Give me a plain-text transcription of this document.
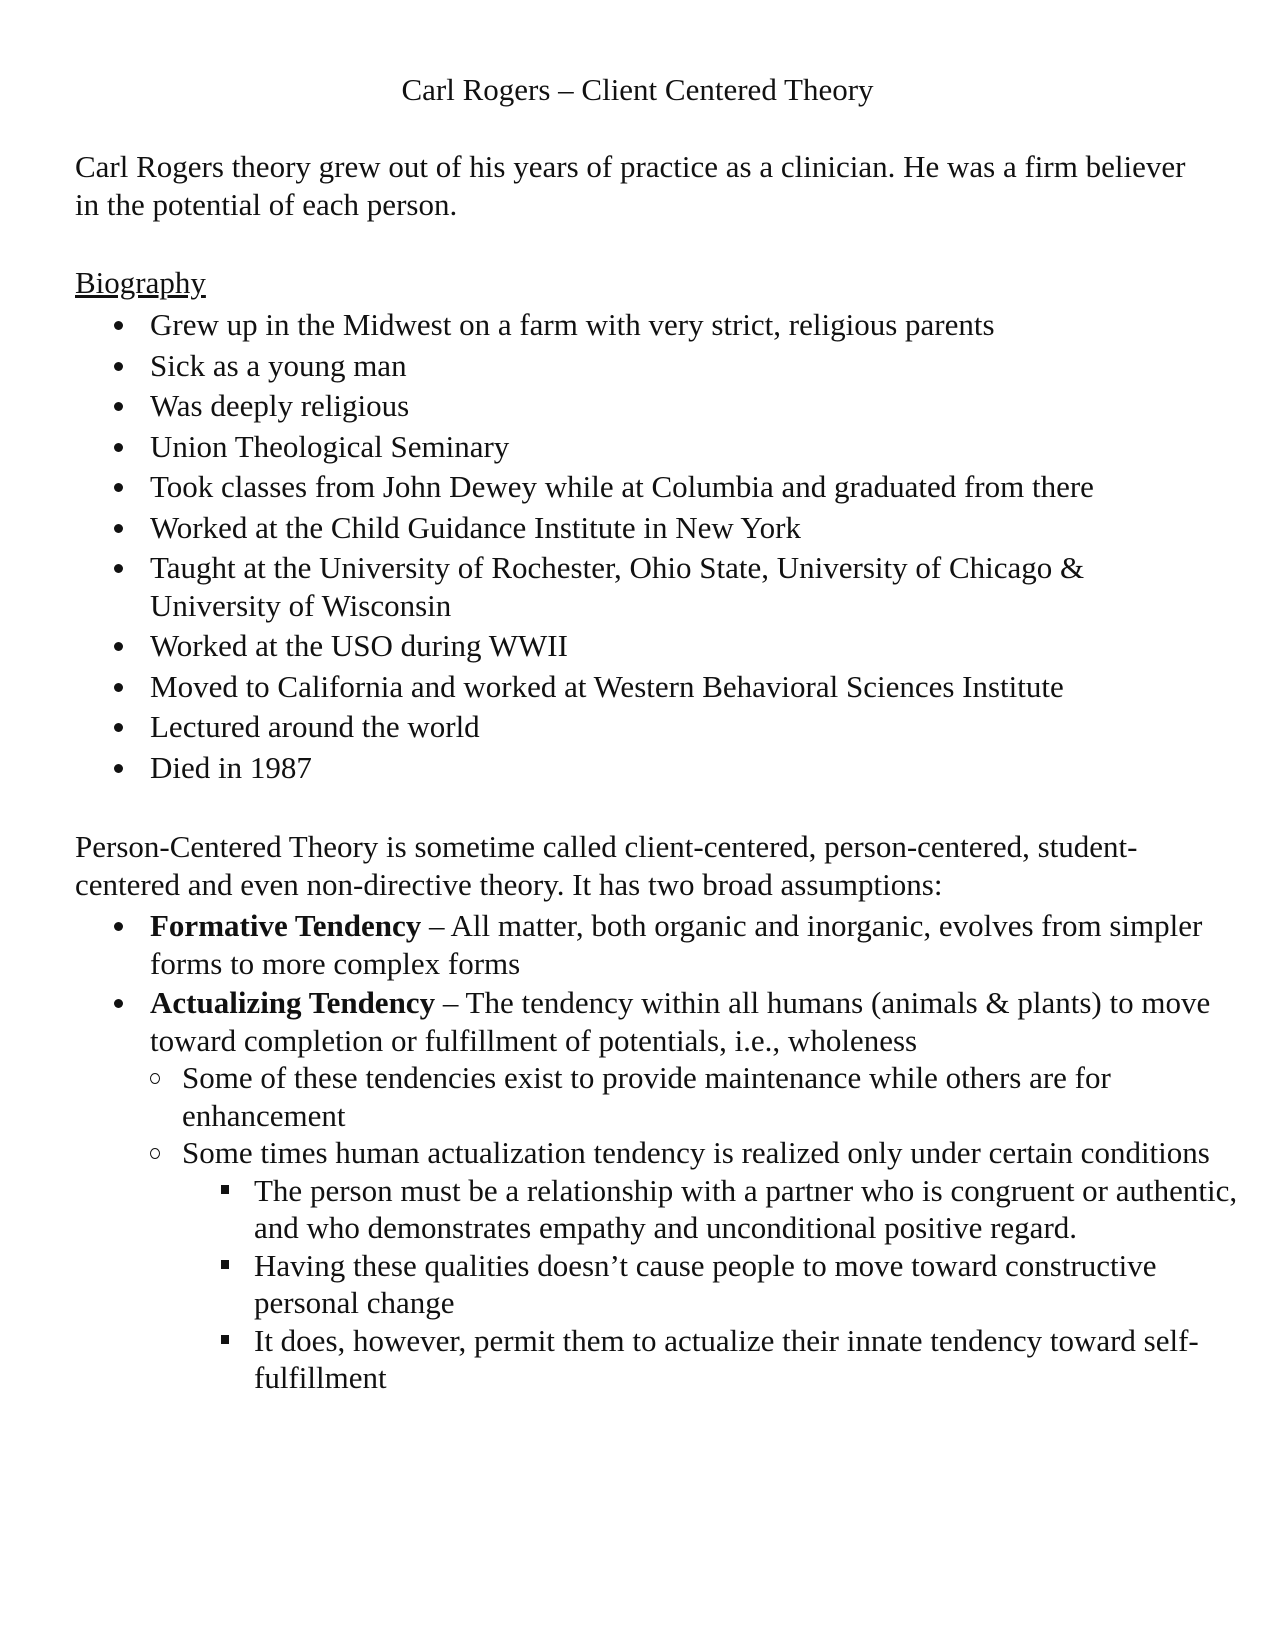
Carl Rogers – Client Centered Theory

Carl Rogers theory grew out of his years of practice as a clinician. He was a firm believer in the potential of each person.

Biography
Grew up in the Midwest on a farm with very strict, religious parents
Sick as a young man
Was deeply religious
Union Theological Seminary
Took classes from John Dewey while at Columbia and graduated from there
Worked at the Child Guidance Institute in New York
Taught at the University of Rochester, Ohio State, University of Chicago & University of Wisconsin
Worked at the USO during WWII
Moved to California and worked at Western Behavioral Sciences Institute
Lectured around the world
Died in 1987

Person-Centered Theory is sometime called client-centered, person-centered, student-centered and even non-directive theory. It has two broad assumptions:

Formative Tendency – All matter, both organic and inorganic, evolves from simpler forms to more complex forms
Actualizing Tendency – The tendency within all humans (animals & plants) to move toward completion or fulfillment of potentials, i.e., wholeness
Some of these tendencies exist to provide maintenance while others are for enhancement
Some times human actualization tendency is realized only under certain conditions
The person must be a relationship with a partner who is congruent or authentic, and who demonstrates empathy and unconditional positive regard.
Having these qualities doesn’t cause people to move toward constructive personal change
It does, however, permit them to actualize their innate tendency toward self-fulfillment
